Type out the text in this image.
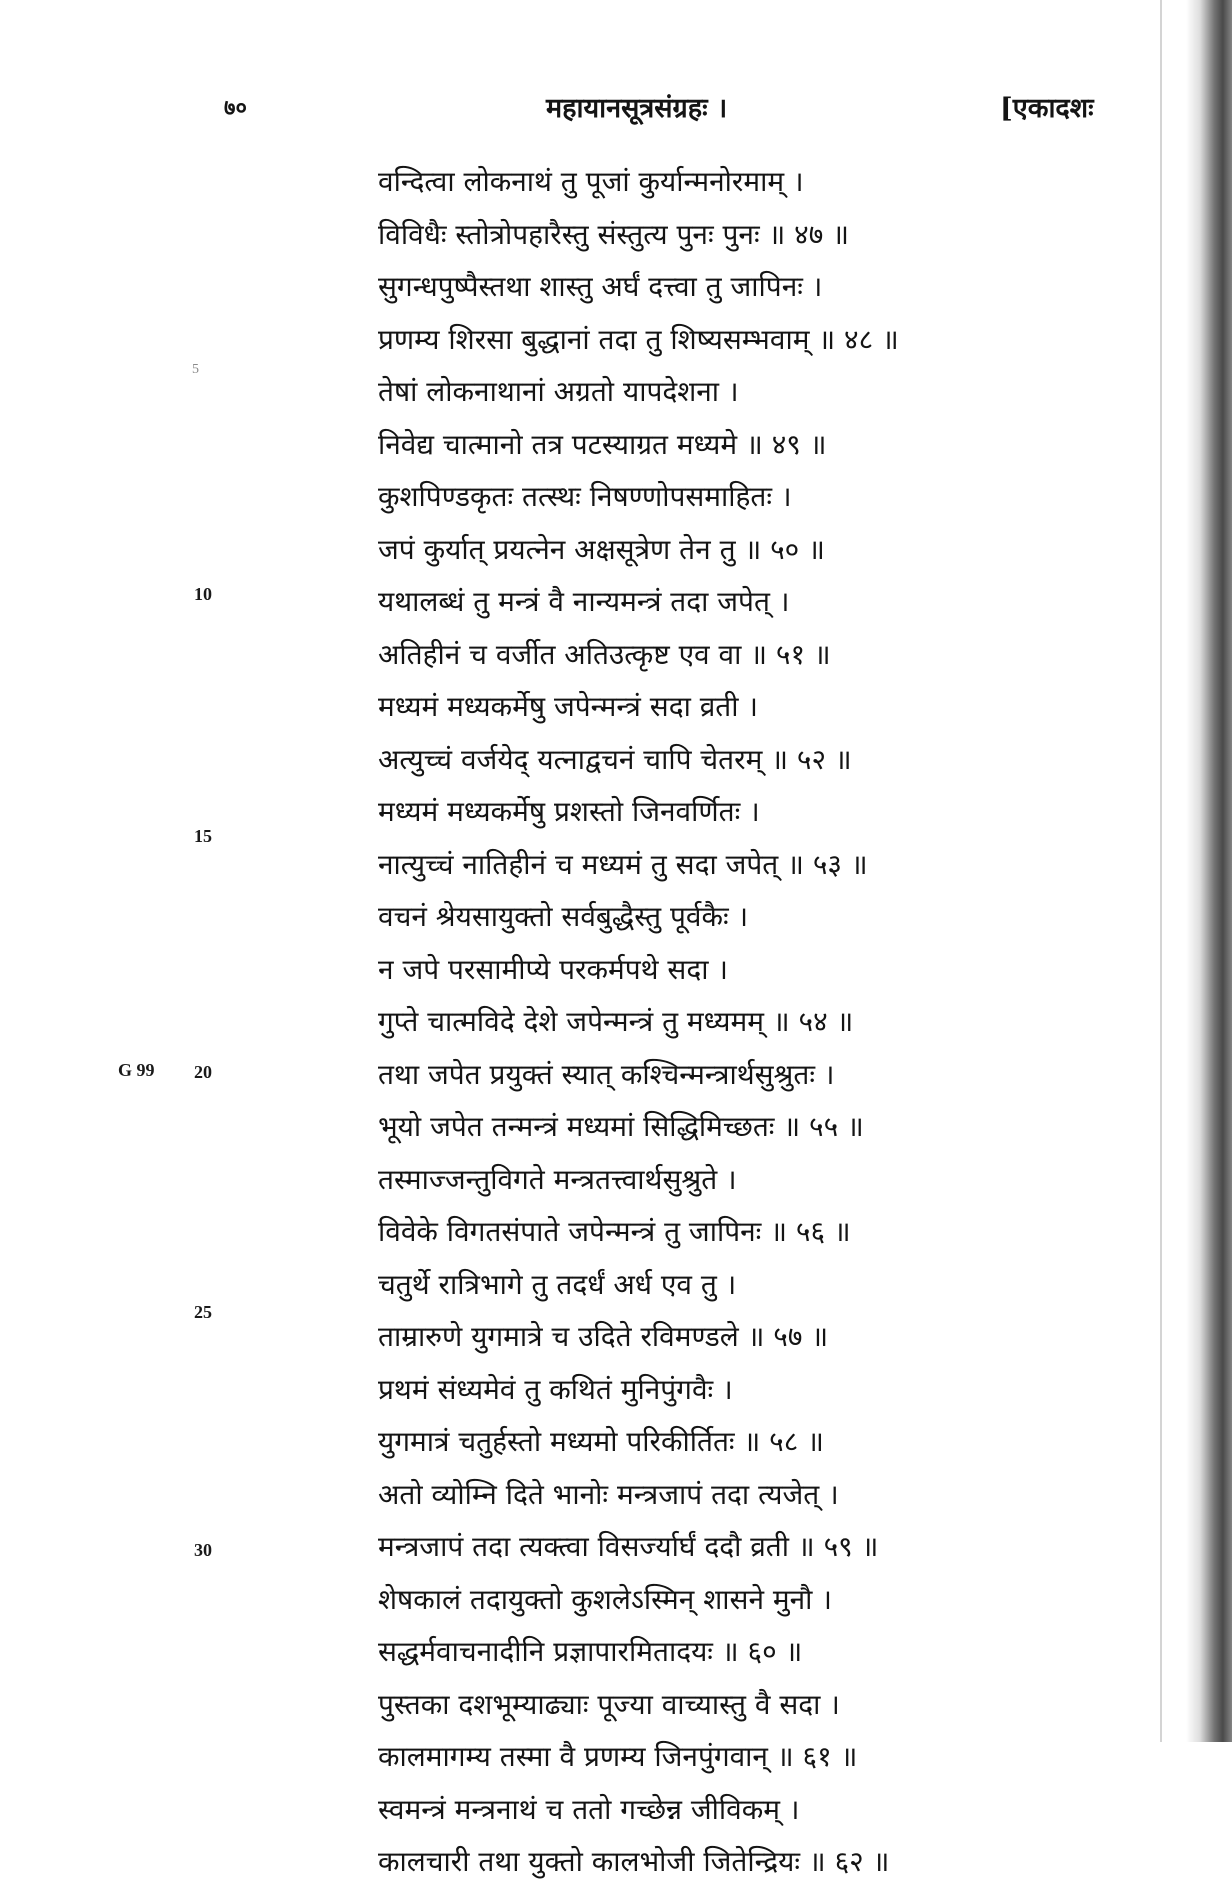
७०	महायानसूत्रसंग्रहः ।	[एकादशः
5
10
15
G 99 20
25
30
वन्दित्वा लोकनाथं तु पूजां कुर्यान्मनोरमाम् ।
विविधैः स्तोत्रोपहारैस्तु संस्तुत्य पुनः पुनः ॥ ४७ ॥
सुगन्धपुष्पैस्तथा शास्तु अर्घं दत्त्वा तु जापिनः ।
प्रणम्य शिरसा बुद्धानां तदा तु शिष्यसम्भवाम् ॥ ४८ ॥
तेषां लोकनाथानां अग्रतो यापदेशना ।
निवेद्य चात्मानो तत्र पटस्याग्रत मध्यमे ॥ ४९ ॥
कुशपिण्डकृतः तत्स्थः निषण्णोपसमाहितः ।
जपं कुर्यात् प्रयत्नेन अक्षसूत्रेण तेन तु ॥ ५० ॥
यथालब्धं तु मन्त्रं वै नान्यमन्त्रं तदा जपेत् ।
अतिहीनं च वर्जीत अतिउत्कृष्ट एव वा ॥ ५१ ॥
मध्यमं मध्यकर्मेषु जपेन्मन्त्रं सदा व्रती ।
अत्युच्चं वर्जयेद् यत्नाद्वचनं चापि चेतरम् ॥ ५२ ॥
मध्यमं मध्यकर्मेषु प्रशस्तो जिनवर्णितः ।
नात्युच्चं नातिहीनं च मध्यमं तु सदा जपेत् ॥ ५३ ॥
वचनं श्रेयसायुक्तो सर्वबुद्धैस्तु पूर्वकैः ।
न जपे परसामीप्ये परकर्मपथे सदा ।
गुप्ते चात्मविदे देशे जपेन्मन्त्रं तु मध्यमम् ॥ ५४ ॥
तथा जपेत प्रयुक्तं स्यात् कश्चिन्मन्त्रार्थसुश्रुतः ।
भूयो जपेत तन्मन्त्रं मध्यमां सिद्धिमिच्छतः ॥ ५५ ॥
तस्माज्जन्तुविगते मन्त्रतत्त्वार्थसुश्रुते ।
विवेके विगतसंपाते जपेन्मन्त्रं तु जापिनः ॥ ५६ ॥
चतुर्थे रात्रिभागे तु तदर्धं अर्ध एव तु ।
ताम्रारुणे युगमात्रे च उदिते रविमण्डले ॥ ५७ ॥
प्रथमं संध्यमेवं तु कथितं मुनिपुंगवैः ।
युगमात्रं चतुर्हस्तो मध्यमो परिकीर्तितः ॥ ५८ ॥
अतो व्योम्नि दिते भानोः मन्त्रजापं तदा त्यजेत् ।
मन्त्रजापं तदा त्यक्त्वा विसर्ज्यार्घं ददौ व्रती ॥ ५९ ॥
शेषकालं तदायुक्तो कुशलेऽस्मिन् शासने मुनौ ।
सद्धर्मवाचनादीनि प्रज्ञापारमितादयः ॥ ६० ॥
पुस्तका दशभूम्याढ्याः पूज्या वाच्यास्तु वै सदा ।
कालमागम्य तस्मा वै प्रणम्य जिनपुंगवान् ॥ ६१ ॥
स्वमन्त्रं मन्त्रनाथं च ततो गच्छेन्न जीविकम् ।
कालचारी तथा युक्तो कालभोजी जितेन्द्रियः ॥ ६२ ॥
